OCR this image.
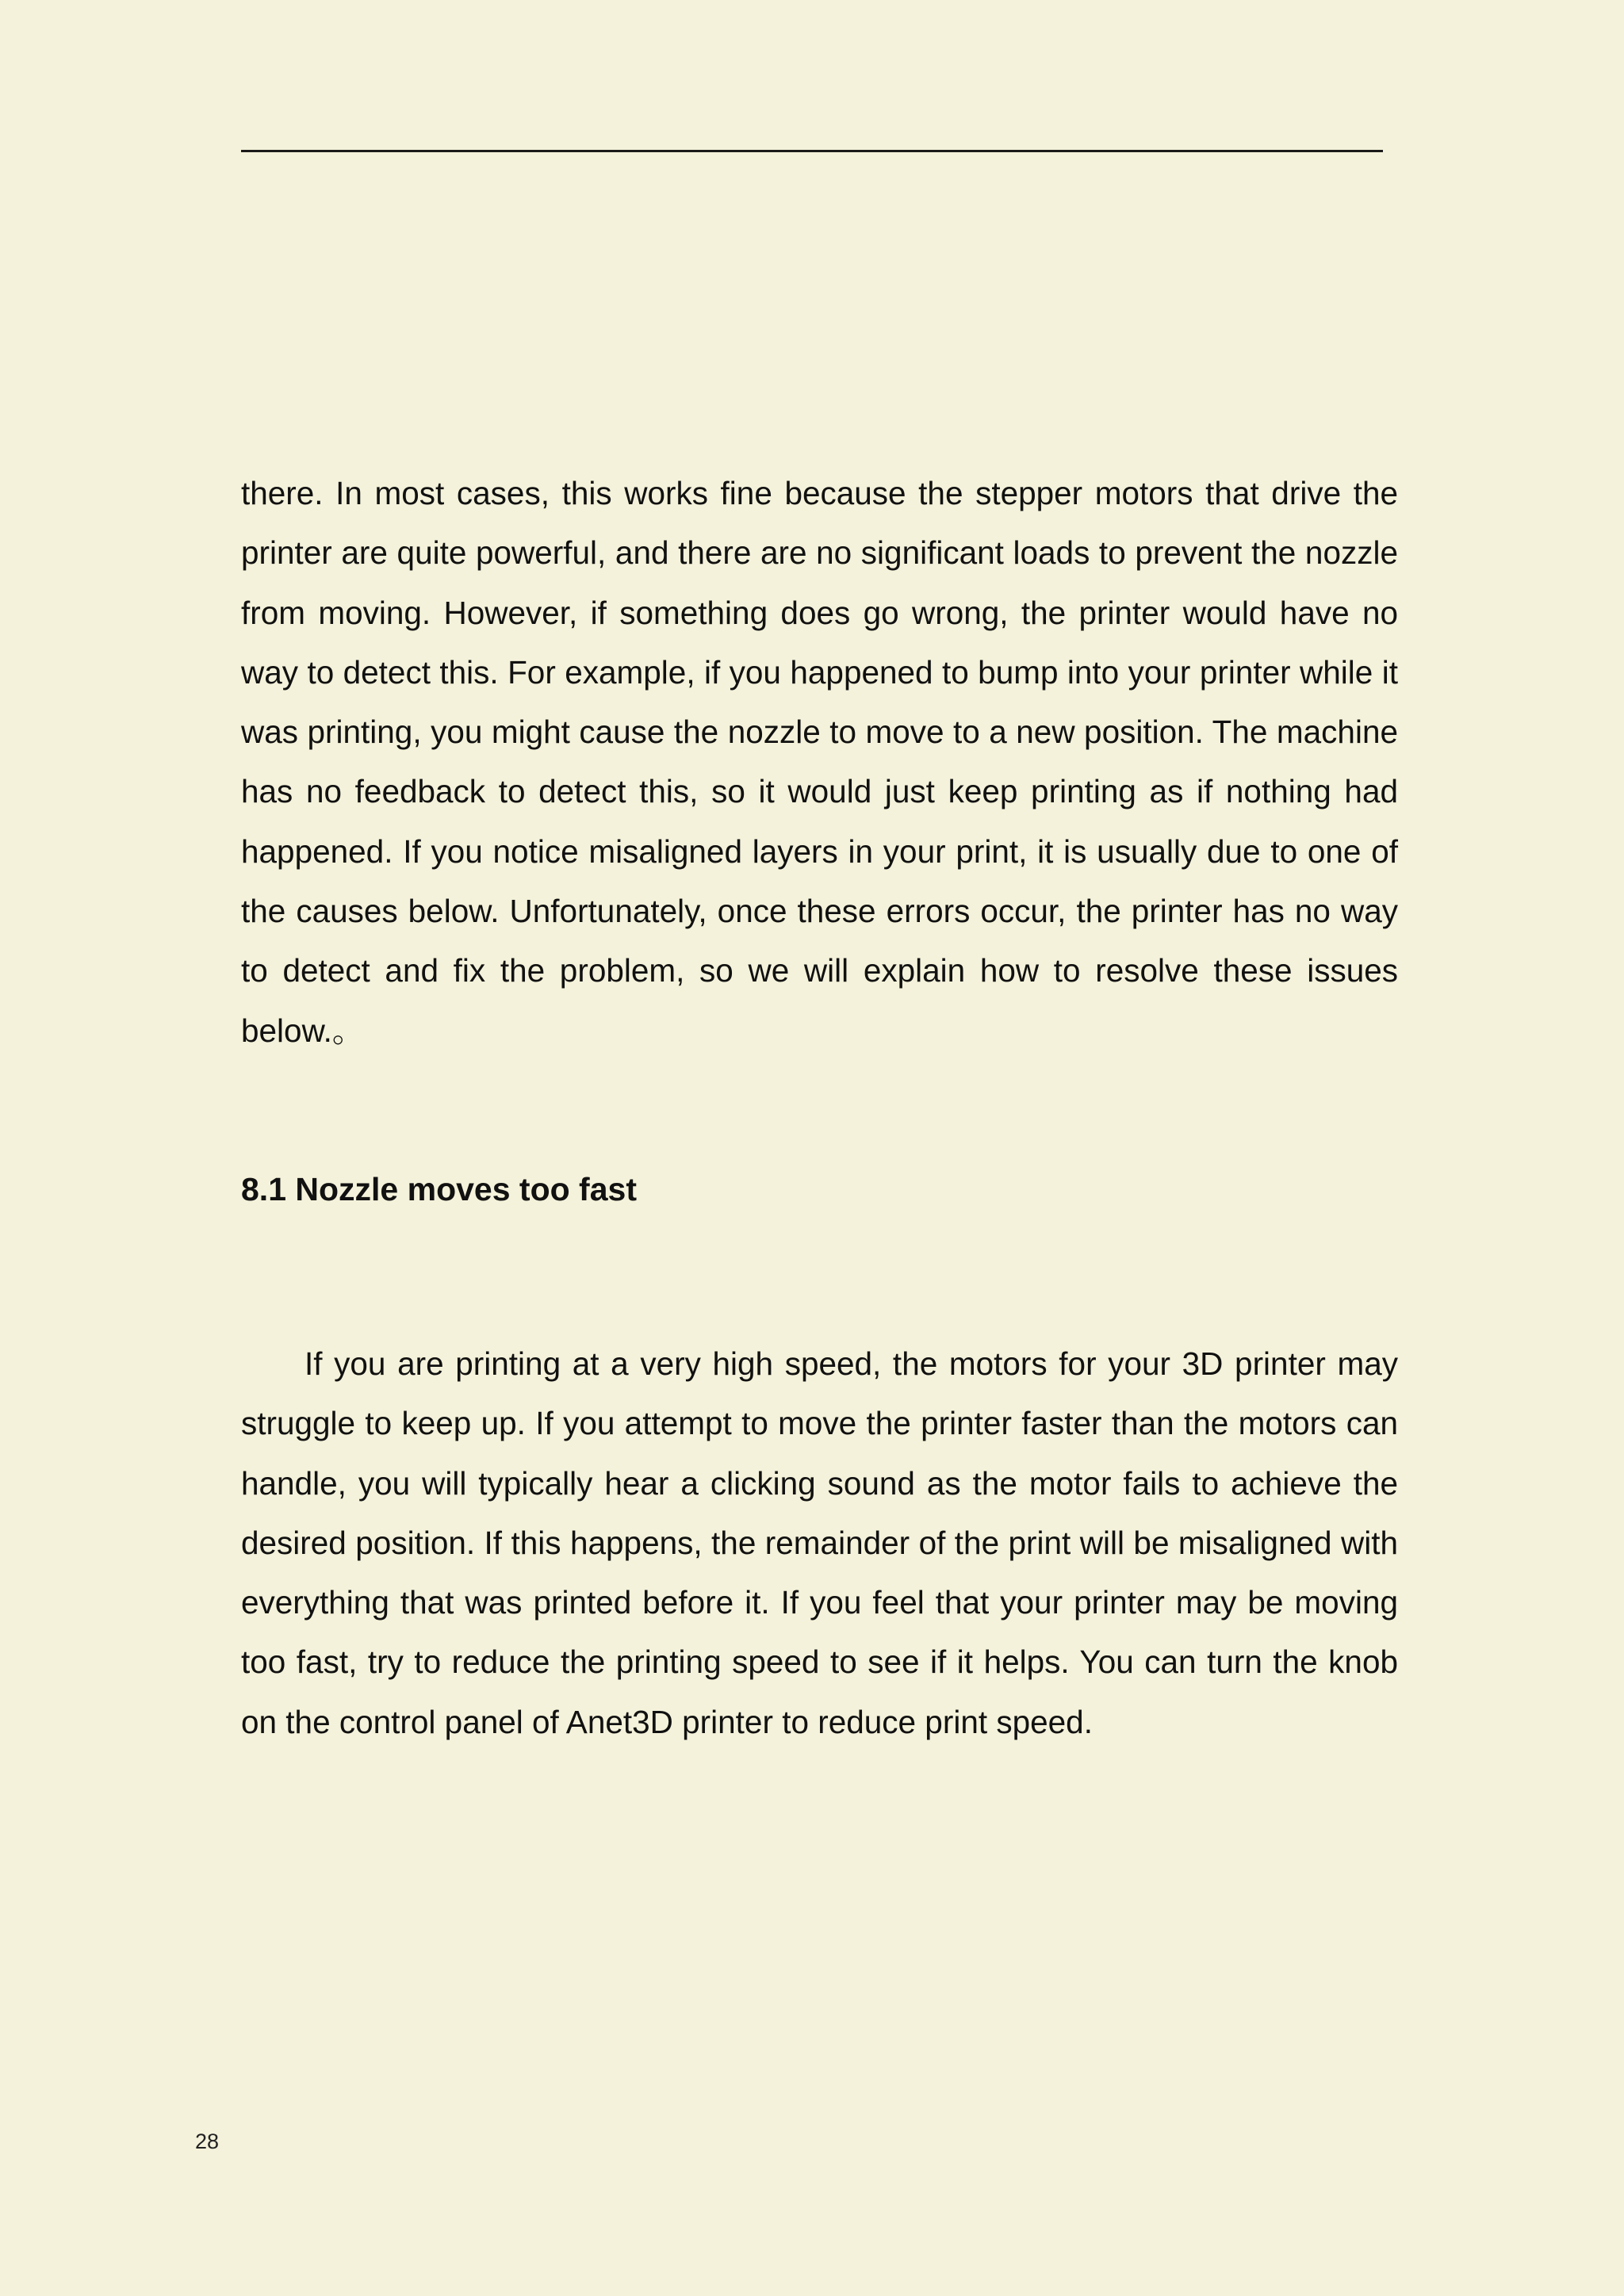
there. In most cases, this works fine because the stepper motors that drive the printer are quite powerful, and there are no significant loads to prevent the nozzle from moving. However, if something does go wrong, the printer would have no way to detect this. For example, if you happened to bump into your printer while it was printing, you might cause the nozzle to move to a new position. The machine has no feedback to detect this, so it would just keep printing as if nothing had happened. If you notice misaligned layers in your print, it is usually due to one of the causes below. Unfortunately, once these errors occur, the printer has no way to detect and fix the problem, so we will explain how to resolve these issues below.。

8.1 Nozzle moves too fast

If you are printing at a very high speed, the motors for your 3D printer may struggle to keep up. If you attempt to move the printer faster than the motors can handle, you will typically hear a clicking sound as the motor fails to achieve the desired position. If this happens, the remainder of the print will be misaligned with everything that was printed before it. If you feel that your printer may be moving too fast, try to reduce the printing speed to see if it helps. You can turn the knob on the control panel of Anet3D printer to reduce print speed.

28
